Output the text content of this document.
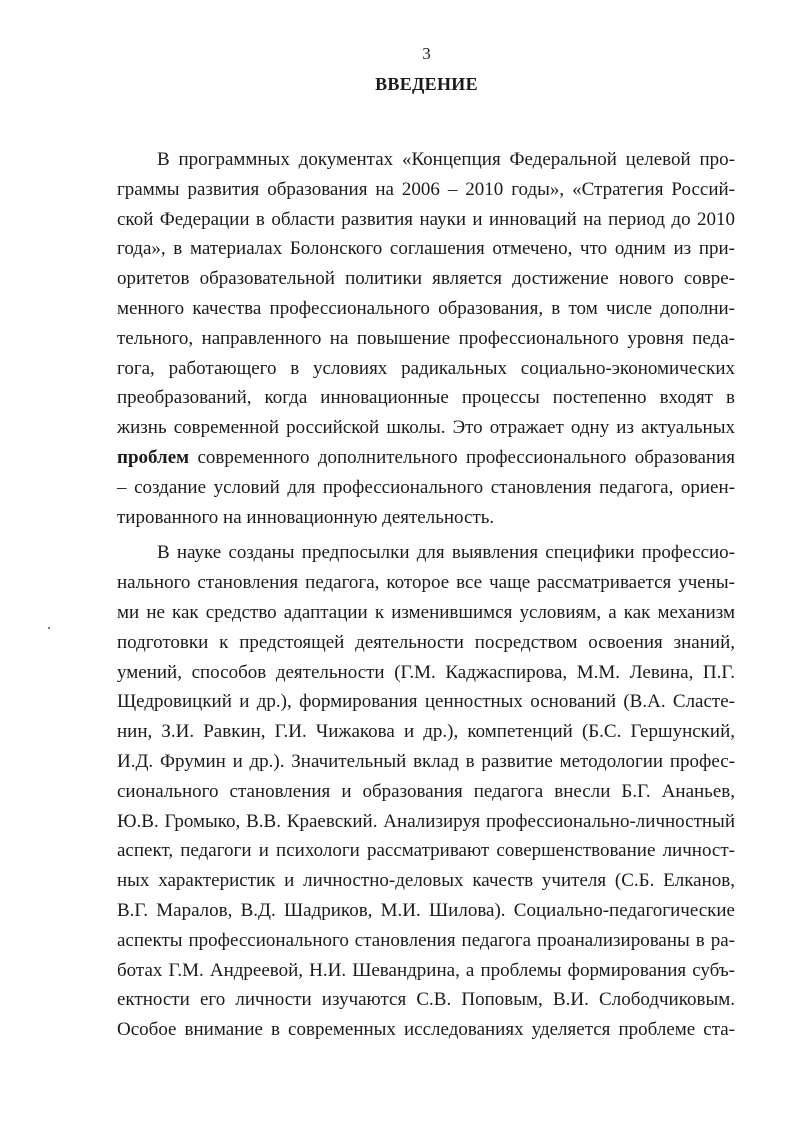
3
ВВЕДЕНИЕ
В программных документах «Концепция Федеральной целевой про-
граммы развития образования на 2006 – 2010 годы», «Стратегия Россий-
ской Федерации в области развития науки и инноваций на период до 2010
года», в материалах Болонского соглашения отмечено, что одним из при-
оритетов образовательной политики является достижение нового совре-
менного качества профессионального образования, в том числе дополни-
тельного, направленного на повышение профессионального уровня педа-
гога, работающего в условиях радикальных социально-экономических
преобразований, когда инновационные процессы постепенно входят в
жизнь современной российской школы. Это отражает одну из актуальных
проблем современного дополнительного профессионального образования
– создание условий для профессионального становления педагога, ориен-
тированного на инновационную деятельность.
В науке созданы предпосылки для выявления специфики профессио-
нального становления педагога, которое все чаще рассматривается учены-
ми не как средство адаптации к изменившимся условиям, а как механизм
подготовки к предстоящей деятельности посредством освоения знаний,
умений, способов деятельности (Г.М. Каджаспирова, М.М. Левина, П.Г.
Щедровицкий и др.), формирования ценностных оснований (В.А. Сласте-
нин, З.И. Равкин, Г.И. Чижакова и др.), компетенций (Б.С. Гершунский,
И.Д. Фрумин и др.). Значительный вклад в развитие методологии профес-
сионального становления и образования педагога внесли Б.Г. Ананьев,
Ю.В. Громыко, В.В. Краевский. Анализируя профессионально-личностный
аспект, педагоги и психологи рассматривают совершенствование личност-
ных характеристик и личностно-деловых качеств учителя (С.Б. Елканов,
В.Г. Маралов, В.Д. Шадриков, М.И. Шилова). Социально-педагогические
аспекты профессионального становления педагога проанализированы в ра-
ботах Г.М. Андреевой, Н.И. Шевандрина, а проблемы формирования субъ-
ектности его личности изучаются С.В. Поповым, В.И. Слободчиковым.
Особое внимание в современных исследованиях уделяется проблеме ста-
